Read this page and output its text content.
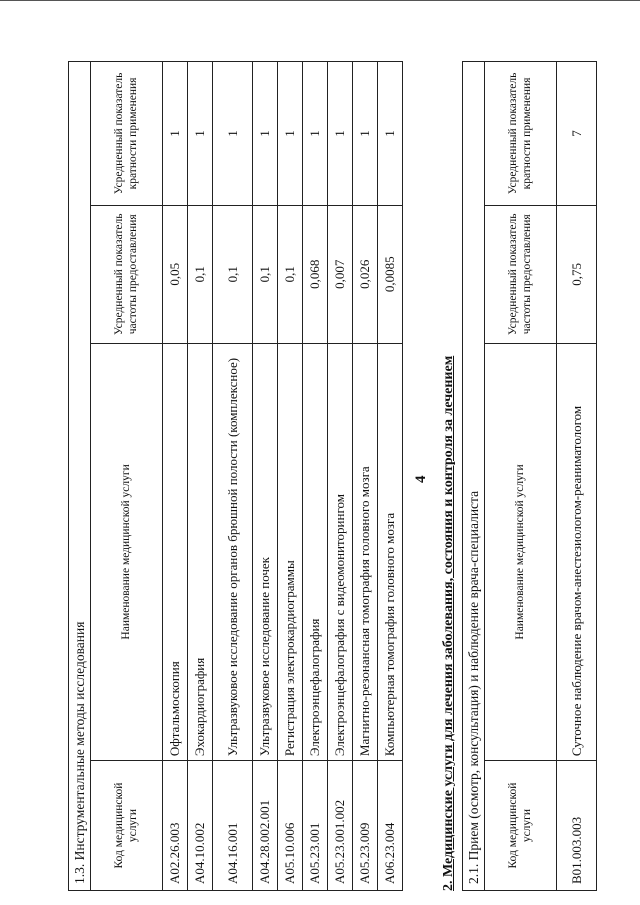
4
1.3. Инструментальные методы исследования			
Код медицинской услуги	Наименование медицинской услуги	Усредненный показатель частоты предоставления	Усредненный показатель кратности применения
A02.26.003	Офтальмоскопия	0,05	1
A04.10.002	Эхокардиография	0,1	1
A04.16.001	Ультразвуковое исследование органов брюшной полости (комплексное)	0,1	1
A04.28.002.001	Ультразвуковое исследование почек	0,1	1
A05.10.006	Регистрация электрокардиограммы	0,1	1
A05.23.001	Электроэнцефалография	0,068	1
A05.23.001.002	Электроэнцефалография с видеомониторингом	0,007	1
A05.23.009	Магнитно-резонансная томография головного мозга	0,026	1
A06.23.004	Компьютерная томография головного мозга	0,0085	1
2. Медицинские услуги для лечения заболевания, состояния и контроля за лечением 2.1. Прием (осмотр, консультация) и наблюдение врача-специалиста			
Код медицинской услуги	Наименование медицинской услуги	Усредненный показатель частоты предоставления	Усредненный показатель кратности применения
B01.003.003	Суточное наблюдение врачом-анестезиологом-реаниматологом	0,75	7
